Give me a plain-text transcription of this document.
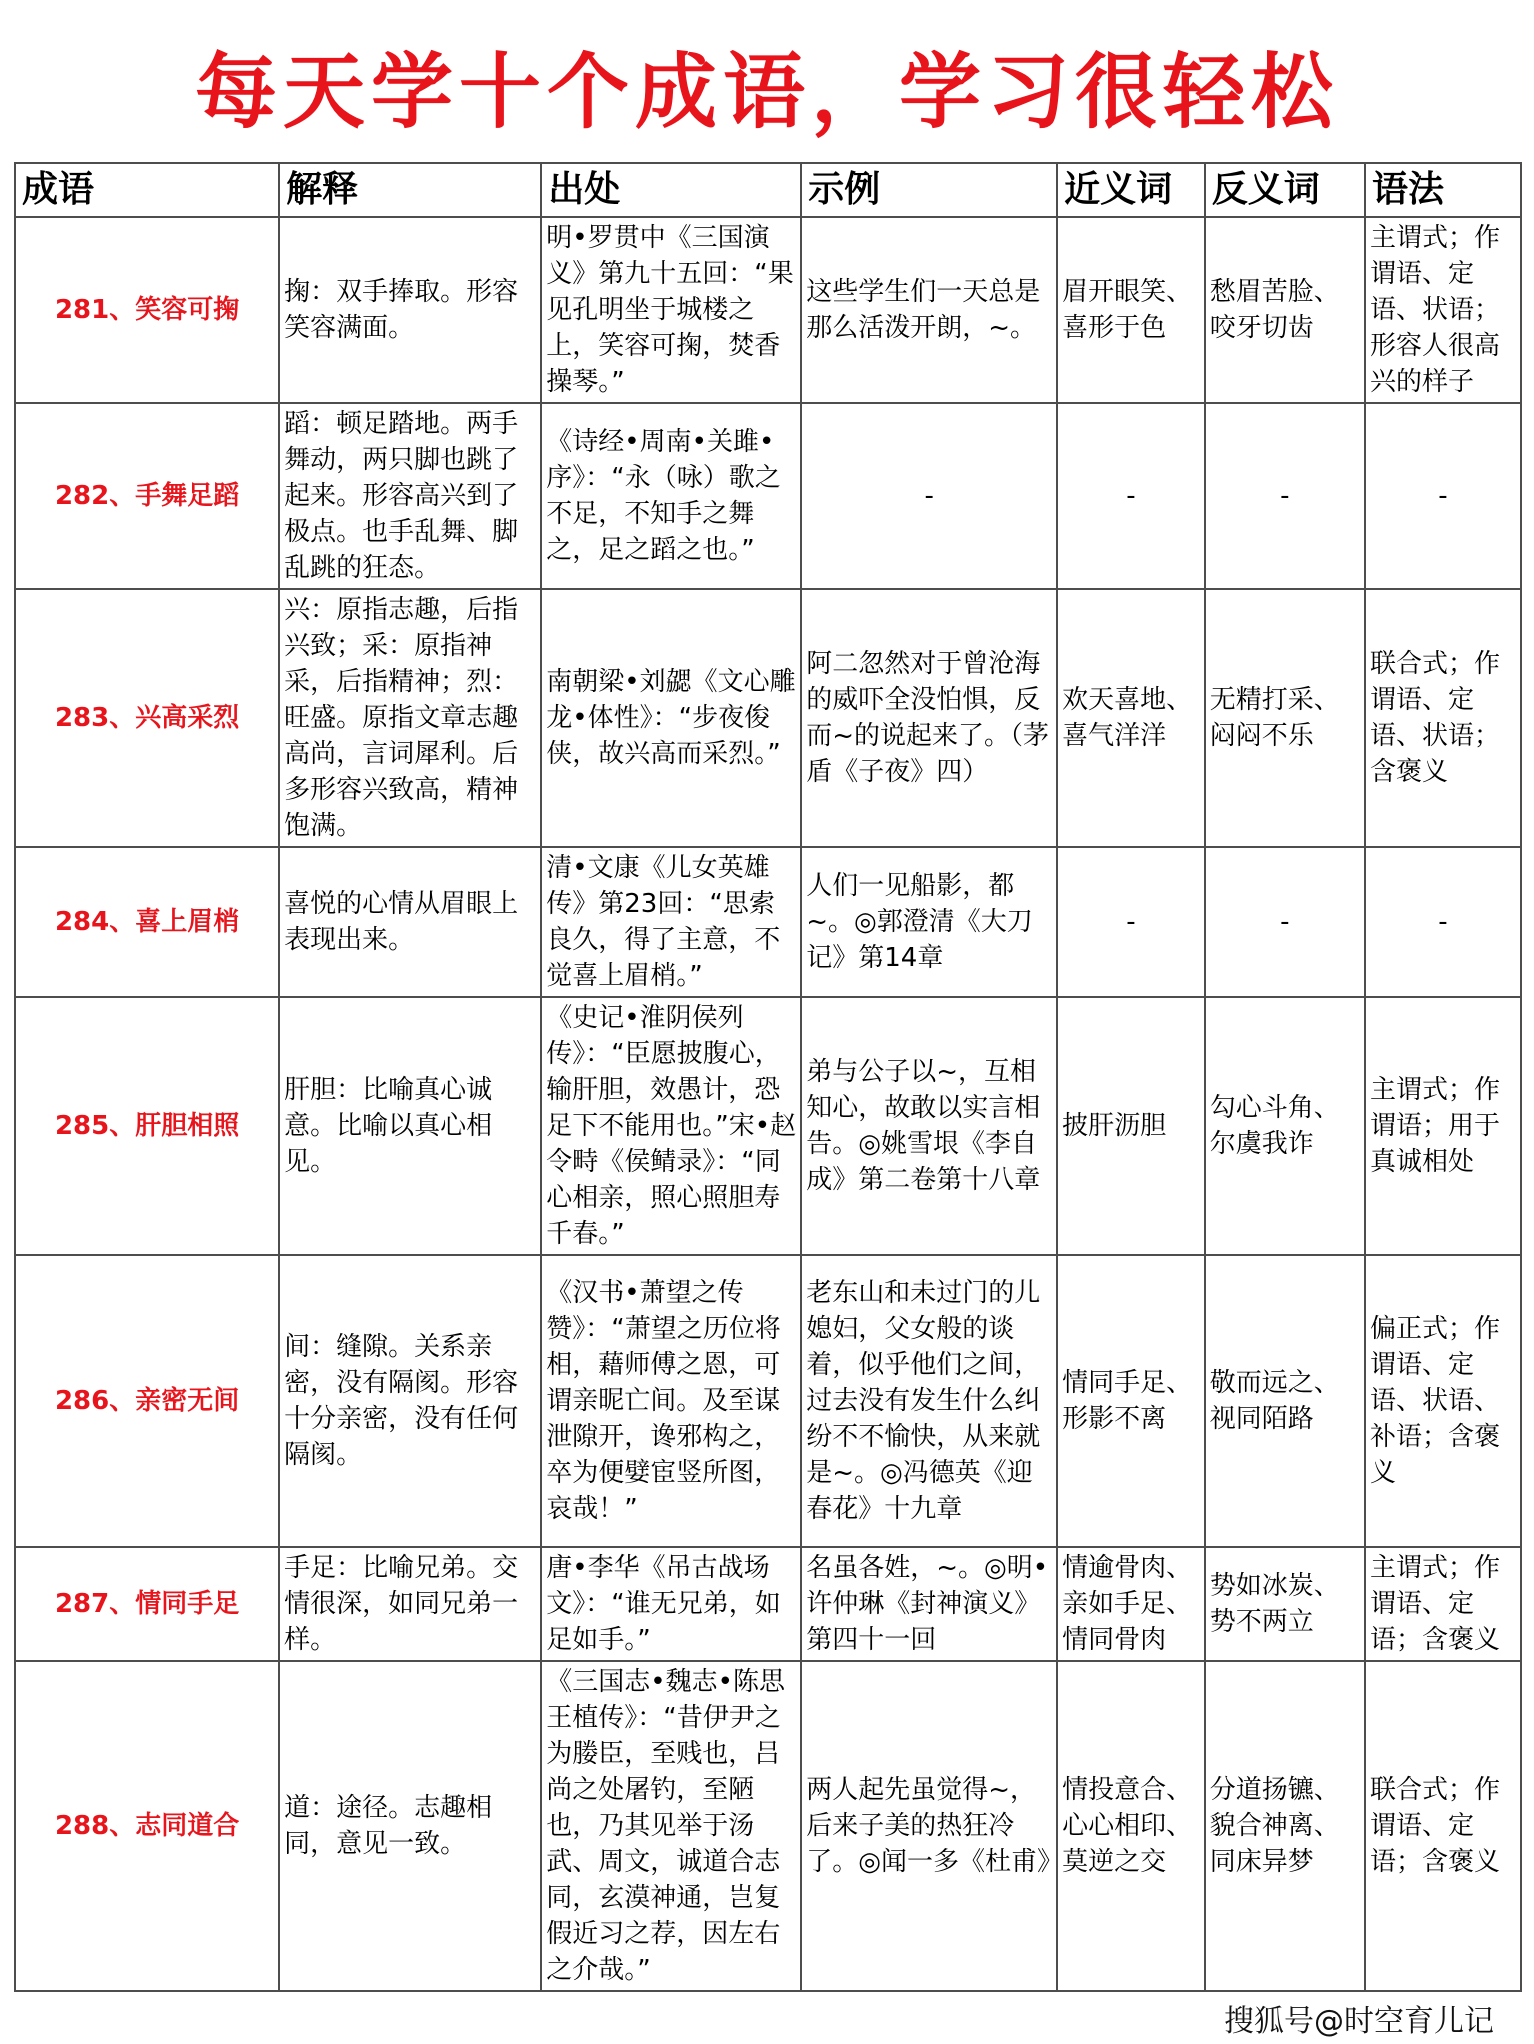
每天学十个成语，学习很轻松
成语	解释	出处	示例	近义词	反义词	语法
281、笑容可掬	掬：双手捧取。形容笑容满面。	明•罗贯中《三国演义》第九十五回：“果见孔明坐于城楼之上，笑容可掬，焚香操琴。”	这些学生们一天总是那么活泼开朗，~。	眉开眼笑、喜形于色	愁眉苦脸、咬牙切齿	主谓式；作谓语、定语、状语；形容人很高兴的样子
282、手舞足蹈	蹈：顿足踏地。两手舞动，两只脚也跳了起来。形容高兴到了极点。也手乱舞、脚乱跳的狂态。	《诗经•周南•关雎•序》：“永（咏）歌之不足，不知手之舞之，足之蹈之也。”	-	-	-	-
283、兴高采烈	兴：原指志趣，后指兴致；采：原指神采，后指精神；烈：旺盛。原指文章志趣高尚，言词犀利。后多形容兴致高，精神饱满。	南朝梁•刘勰《文心雕龙•体性》：“步夜俊侠，故兴高而采烈。”	阿二忽然对于曾沧海的威吓全没怕惧，反而~的说起来了。（茅盾《子夜》四）	欢天喜地、喜气洋洋	无精打采、闷闷不乐	联合式；作谓语、定语、状语；含褒义
284、喜上眉梢	喜悦的心情从眉眼上表现出来。	清•文康《儿女英雄传》第23回：“思索良久，得了主意，不觉喜上眉梢。”	人们一见船影，都~。◎郭澄清《大刀记》第14章	-	-	-
285、肝胆相照	肝胆：比喻真心诚意。比喻以真心相见。	《史记•淮阴侯列传》：“臣愿披腹心，输肝胆，效愚计，恐足下不能用也。”宋•赵令畤《侯鲭录》：“同心相亲，照心照胆寿千春。”	弟与公子以~，互相知心，故敢以实言相告。◎姚雪垠《李自成》第二卷第十八章	披肝沥胆	勾心斗角、尔虞我诈	主谓式；作谓语；用于真诚相处
286、亲密无间	间：缝隙。关系亲密，没有隔阂。形容十分亲密，没有任何隔阂。	《汉书•萧望之传赞》：“萧望之历位将相，藉师傅之恩，可谓亲昵亡间。及至谋泄隙开，谗邪构之，卒为便嬖宦竖所图，哀哉！”	老东山和未过门的儿媳妇，父女般的谈着，似乎他们之间，过去没有发生什么纠纷不不愉快，从来就是~。◎冯德英《迎春花》十九章	情同手足、形影不离	敬而远之、视同陌路	偏正式；作谓语、定语、状语、补语；含褒义
287、情同手足	手足：比喻兄弟。交情很深，如同兄弟一样。	唐•李华《吊古战场文》：“谁无兄弟，如足如手。”	名虽各姓，~。◎明•许仲琳《封神演义》第四十一回	情逾骨肉、亲如手足、情同骨肉	势如冰炭、势不两立	主谓式；作谓语、定语；含褒义
288、志同道合	道：途径。志趣相同，意见一致。	《三国志•魏志•陈思王植传》：“昔伊尹之为媵臣，至贱也，吕尚之处屠钓，至陋也，乃其见举于汤武、周文，诚道合志同，玄漠神通，岂复假近习之荐，因左右之介哉。”	两人起先虽觉得~，后来子美的热狂冷了。◎闻一多《杜甫》	情投意合、心心相印、莫逆之交	分道扬镳、貌合神离、同床异梦	联合式；作谓语、定语；含褒义
搜狐号@时空育儿记
